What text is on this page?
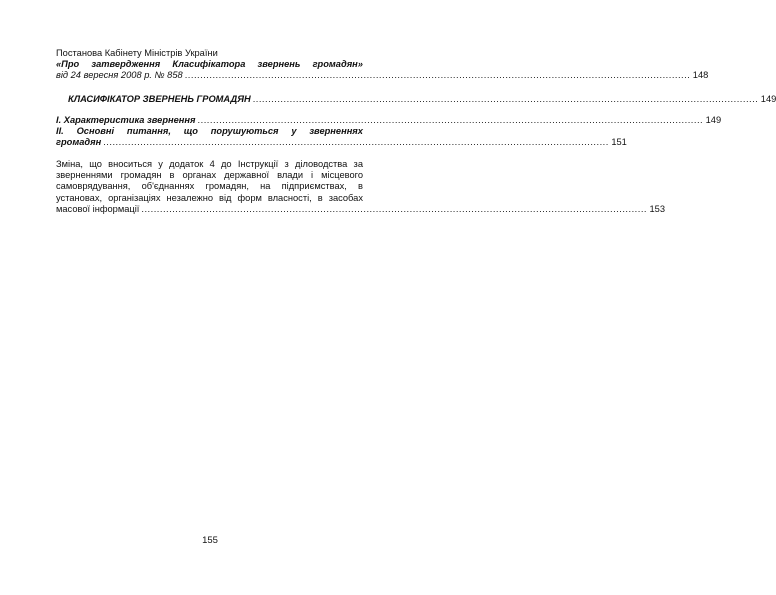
Постанова Кабінету Міністрів України
«Про затвердження Класифікатора звернень громадян»
від 24 вересня 2008 р. № 858 .................................................................................................................................................................... 148
КЛАСИФІКАТОР ЗВЕРНЕНЬ ГРОМАДЯН .................................................................................................................................................................... 149
І. Характеристика звернення .................................................................................................................................................................... 149
ІІ. Основні питання, що порушуються у зверненнях
громадян .................................................................................................................................................................... 151
Зміна, що вноситься у додаток 4 до Інструкції з діловодства за
зверненнями громадян в органах державної влади і місцевого
самоврядування, об'єднаннях громадян, на підприємствах, в
установах, організаціях незалежно від форм власності, в засобах
масової інформації .................................................................................................................................................................... 153
155
